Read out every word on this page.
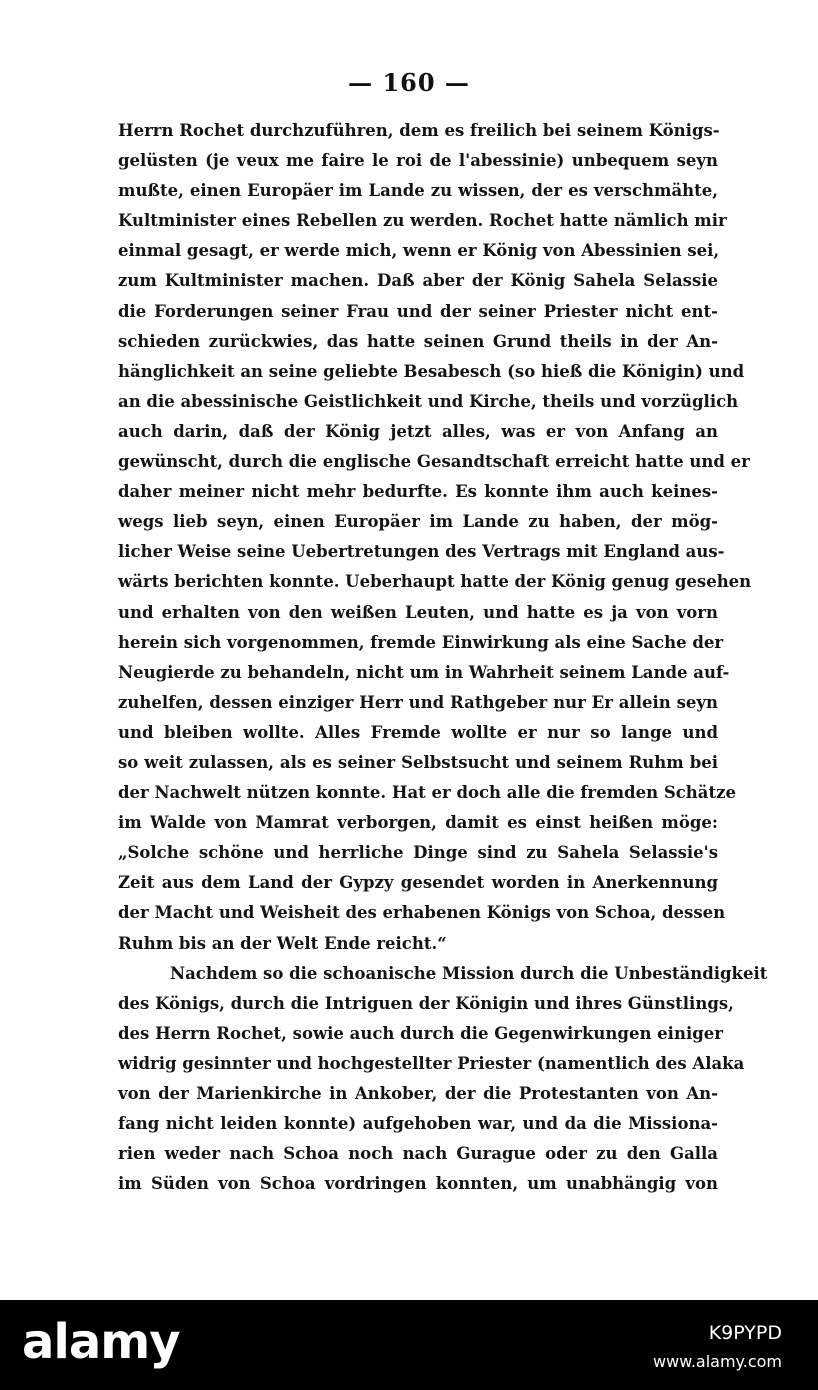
— 160 —
Herrn Rochet durchzuführen, dem es freilich bei seinem Königs-
gelüsten (je veux me faire le roi de l'abessinie) unbequem seyn
mußte, einen Europäer im Lande zu wissen, der es verschmähte,
Kultminister eines Rebellen zu werden. Rochet hatte nämlich mir
einmal gesagt, er werde mich, wenn er König von Abessinien sei,
zum Kultminister machen. Daß aber der König Sahela Selassie
die Forderungen seiner Frau und der seiner Priester nicht ent-
schieden zurückwies, das hatte seinen Grund theils in der An-
hänglichkeit an seine geliebte Besabesch (so hieß die Königin) und
an die abessinische Geistlichkeit und Kirche, theils und vorzüglich
auch darin, daß der König jetzt alles, was er von Anfang an
gewünscht, durch die englische Gesandtschaft erreicht hatte und er
daher meiner nicht mehr bedurfte. Es konnte ihm auch keines-
wegs lieb seyn, einen Europäer im Lande zu haben, der mög-
licher Weise seine Uebertretungen des Vertrags mit England aus-
wärts berichten konnte. Ueberhaupt hatte der König genug gesehen
und erhalten von den weißen Leuten, und hatte es ja von vorn
herein sich vorgenommen, fremde Einwirkung als eine Sache der
Neugierde zu behandeln, nicht um in Wahrheit seinem Lande auf-
zuhelfen, dessen einziger Herr und Rathgeber nur Er allein seyn
und bleiben wollte. Alles Fremde wollte er nur so lange und
so weit zulassen, als es seiner Selbstsucht und seinem Ruhm bei
der Nachwelt nützen konnte. Hat er doch alle die fremden Schätze
im Walde von Mamrat verborgen, damit es einst heißen möge:
„Solche schöne und herrliche Dinge sind zu Sahela Selassie's
Zeit aus dem Land der Gypzy gesendet worden in Anerkennung
der Macht und Weisheit des erhabenen Königs von Schoa, dessen
Ruhm bis an der Welt Ende reicht.“
Nachdem so die schoanische Mission durch die Unbeständigkeit
des Königs, durch die Intriguen der Königin und ihres Günstlings,
des Herrn Rochet, sowie auch durch die Gegenwirkungen einiger
widrig gesinnter und hochgestellter Priester (namentlich des Alaka
von der Marienkirche in Ankober, der die Protestanten von An-
fang nicht leiden konnte) aufgehoben war, und da die Missiona-
rien weder nach Schoa noch nach Gurague oder zu den Galla
im Süden von Schoa vordringen konnten, um unabhängig von
alamy	K9PYPD
www.alamy.com
